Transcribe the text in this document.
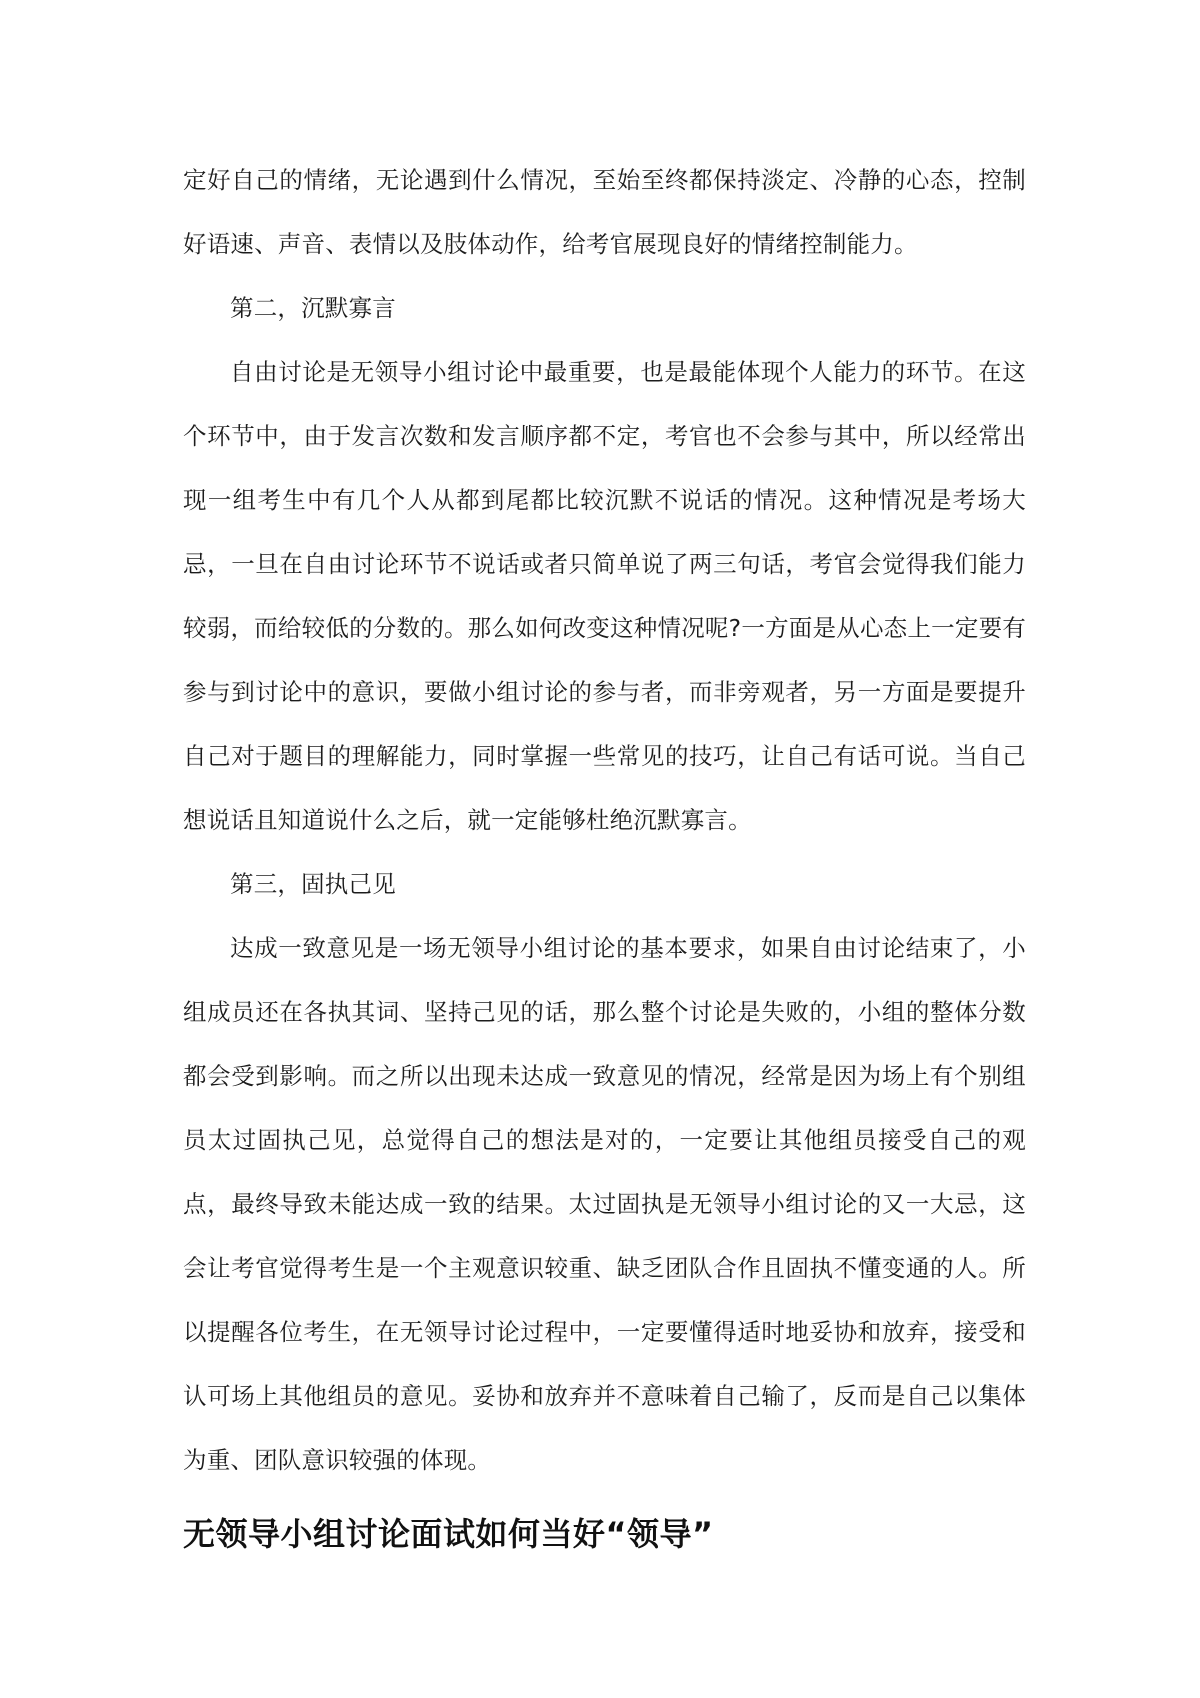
定好自己的情绪，无论遇到什么情况，至始至终都保持淡定、冷静的心态，控制好语速、声音、表情以及肢体动作，给考官展现良好的情绪控制能力。

第二，沉默寡言

自由讨论是无领导小组讨论中最重要，也是最能体现个人能力的环节。在这个环节中，由于发言次数和发言顺序都不定，考官也不会参与其中，所以经常出现一组考生中有几个人从都到尾都比较沉默不说话的情况。这种情况是考场大忌，一旦在自由讨论环节不说话或者只简单说了两三句话，考官会觉得我们能力较弱，而给较低的分数的。那么如何改变这种情况呢?一方面是从心态上一定要有参与到讨论中的意识，要做小组讨论的参与者，而非旁观者，另一方面是要提升自己对于题目的理解能力，同时掌握一些常见的技巧，让自己有话可说。当自己想说话且知道说什么之后，就一定能够杜绝沉默寡言。

第三，固执己见

达成一致意见是一场无领导小组讨论的基本要求，如果自由讨论结束了，小组成员还在各执其词、坚持己见的话，那么整个讨论是失败的，小组的整体分数都会受到影响。而之所以出现未达成一致意见的情况，经常是因为场上有个别组员太过固执己见，总觉得自己的想法是对的，一定要让其他组员接受自己的观点，最终导致未能达成一致的结果。太过固执是无领导小组讨论的又一大忌，这会让考官觉得考生是一个主观意识较重、缺乏团队合作且固执不懂变通的人。所以提醒各位考生，在无领导讨论过程中，一定要懂得适时地妥协和放弃，接受和认可场上其他组员的意见。妥协和放弃并不意味着自己输了，反而是自己以集体为重、团队意识较强的体现。

无领导小组讨论面试如何当好“领导”
